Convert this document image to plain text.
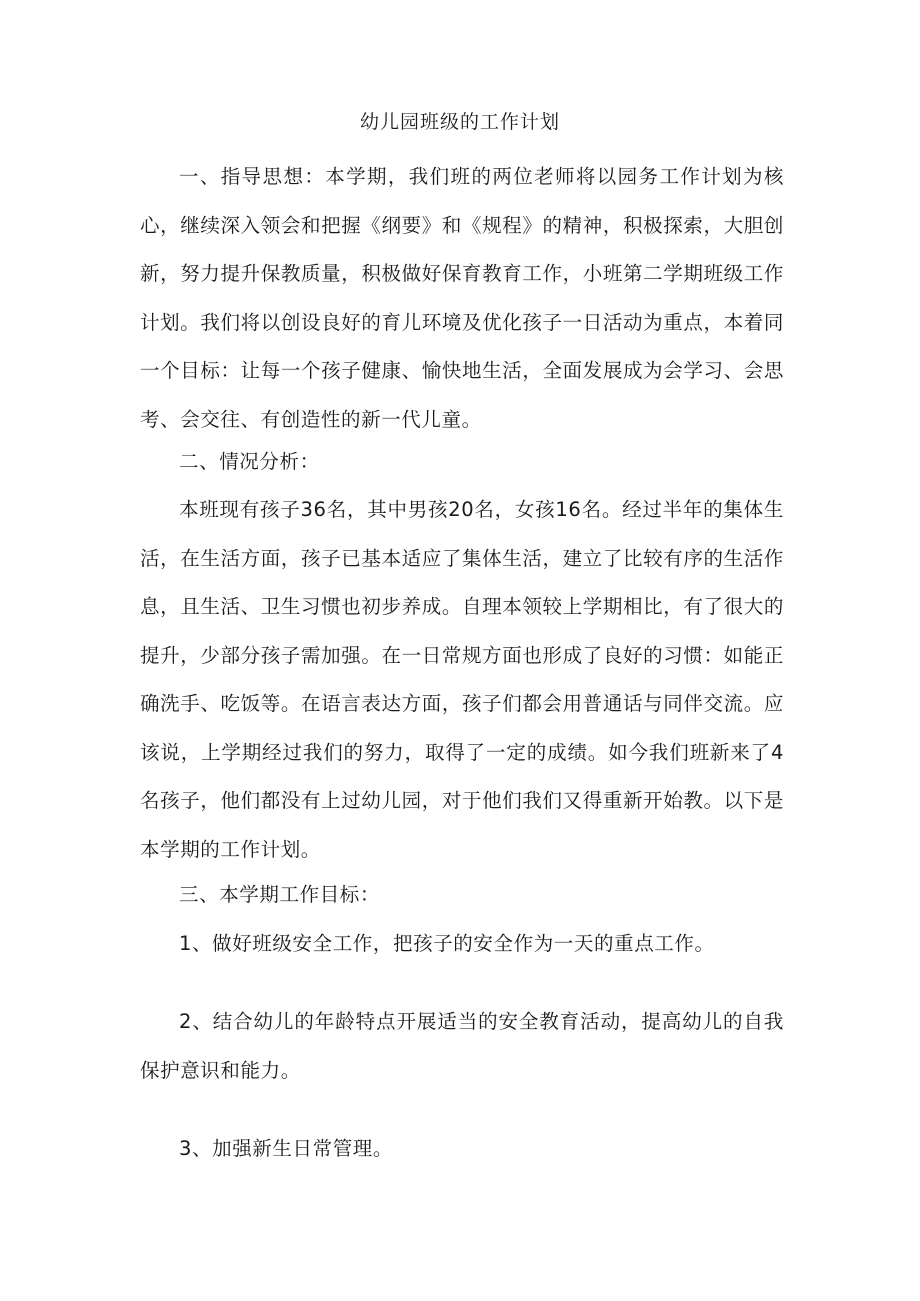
幼儿园班级的工作计划

一、指导思想：本学期，我们班的两位老师将以园务工作计划为核心，继续深入领会和把握《纲要》和《规程》的精神，积极探索，大胆创新，努力提升保教质量，积极做好保育教育工作，小班第二学期班级工作计划。我们将以创设良好的育儿环境及优化孩子一日活动为重点，本着同一个目标：让每一个孩子健康、愉快地生活，全面发展成为会学习、会思考、会交往、有创造性的新一代儿童。

二、情况分析：

本班现有孩子36名，其中男孩20名，女孩16名。经过半年的集体生活，在生活方面，孩子已基本适应了集体生活，建立了比较有序的生活作息，且生活、卫生习惯也初步养成。自理本领较上学期相比，有了很大的提升，少部分孩子需加强。在一日常规方面也形成了良好的习惯：如能正确洗手、吃饭等。在语言表达方面，孩子们都会用普通话与同伴交流。应该说，上学期经过我们的努力，取得了一定的成绩。如今我们班新来了4名孩子，他们都没有上过幼儿园，对于他们我们又得重新开始教。以下是本学期的工作计划。

三、本学期工作目标：

1、做好班级安全工作，把孩子的安全作为一天的重点工作。

2、结合幼儿的年龄特点开展适当的安全教育活动，提高幼儿的自我保护意识和能力。

3、加强新生日常管理。
